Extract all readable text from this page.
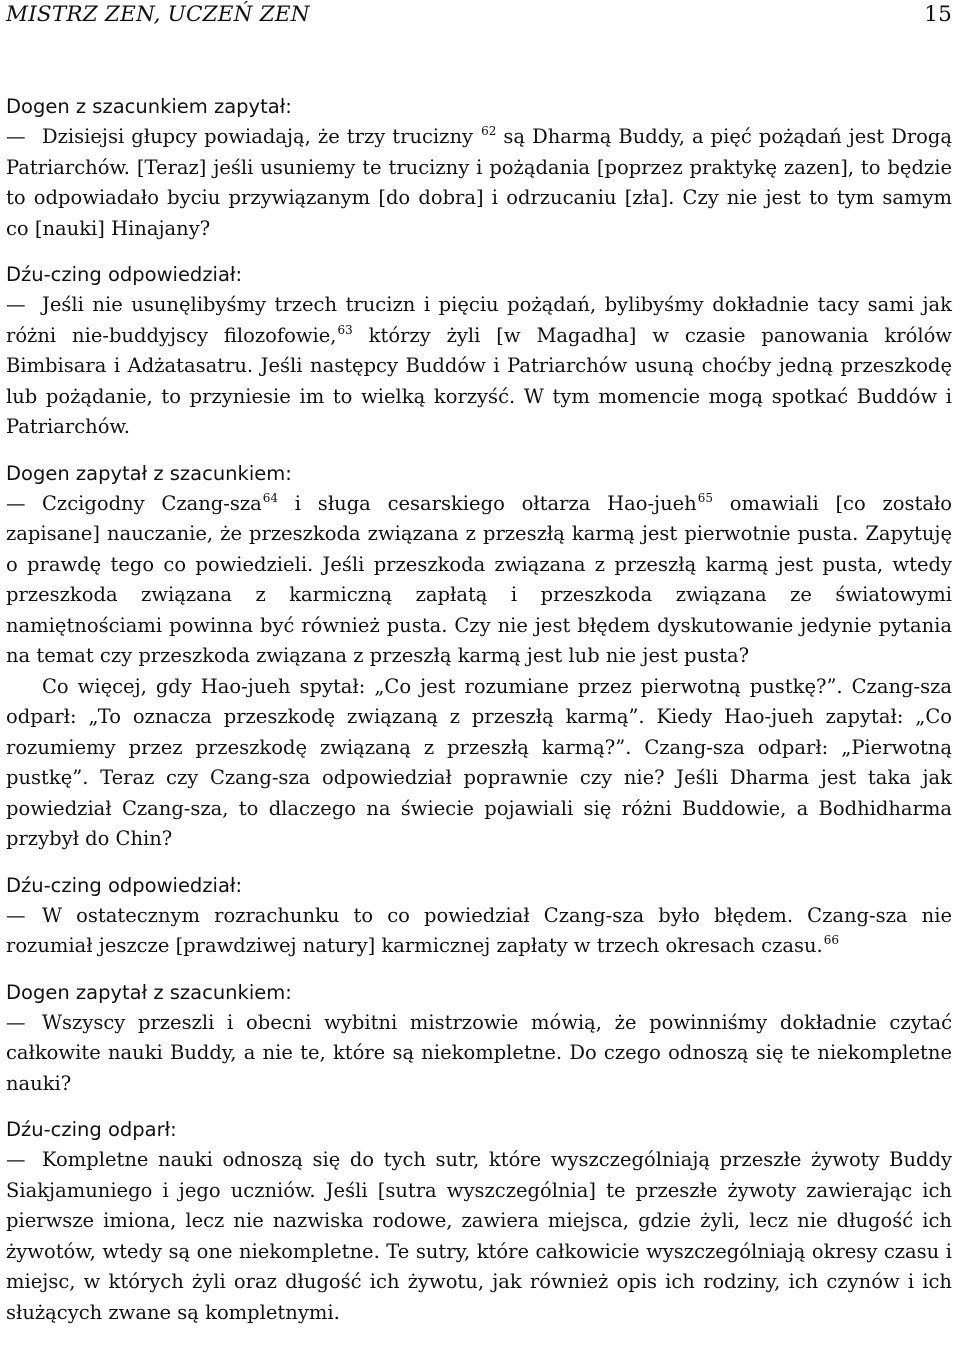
MISTRZ ZEN, UCZEŃ ZEN	15

Dogen z szacunkiem zapytał:

—Dzisiejsi głupcy powiadają, że trzy trucizny $^{62}$ są Dharmą Buddy, a pięć pożądań jest Drogą Patriarchów. [Teraz] jeśli usuniemy te trucizny i pożądania [poprzez praktykę zazen], to będzie to odpowiadało byciu przywiązanym [do dobra] i odrzucaniu [zła]. Czy nie jest to tym samym co [nauki] Hinajany?

Dźu-czing odpowiedział:

—Jeśli nie usunęlibyśmy trzech trucizn i pięciu pożądań, bylibyśmy dokładnie tacy sami jak różni nie-buddyjscy filozofowie,$^{63}$ którzy żyli [w Magadha] w czasie panowania królów Bimbisara i Adżatasatru. Jeśli następcy Buddów i Patriarchów usuną choćby jedną przeszkodę lub pożądanie, to przyniesie im to wielką korzyść. W tym momencie mogą spotkać Buddów i Patriarchów.

Dogen zapytał z szacunkiem:

—Czcigodny Czang-sza$^{64}$ i sługa cesarskiego ołtarza Hao-jueh$^{65}$ omawiali [co zostało zapisane] nauczanie, że przeszkoda związana z przeszłą karmą jest pierwotnie pusta. Zapytuję o prawdę tego co powiedzieli. Jeśli przeszkoda związana z przeszłą karmą jest pusta, wtedy przeszkoda związana z karmiczną zapłatą i przeszkoda związana ze światowymi namiętnościami powinna być również pusta. Czy nie jest błędem dyskutowanie jedynie pytania na temat czy przeszkoda związana z przeszłą karmą jest lub nie jest pusta?

Co więcej, gdy Hao-jueh spytał: „Co jest rozumiane przez pierwotną pustkę?”. Czang-sza odparł: „To oznacza przeszkodę związaną z przeszłą karmą”. Kiedy Hao-jueh zapytał: „Co rozumiemy przez przeszkodę związaną z przeszłą karmą?”. Czang-sza odparł: „Pierwotną pustkę”. Teraz czy Czang-sza odpowiedział poprawnie czy nie? Jeśli Dharma jest taka jak powiedział Czang-sza, to dlaczego na świecie pojawiali się różni Buddowie, a Bodhidharma przybył do Chin?

Dźu-czing odpowiedział:

—W ostatecznym rozrachunku to co powiedział Czang-sza było błędem. Czang-sza nie rozumiał jeszcze [prawdziwej natury] karmicznej zapłaty w trzech okresach czasu.$^{66}$

Dogen zapytał z szacunkiem:

—Wszyscy przeszli i obecni wybitni mistrzowie mówią, że powinniśmy dokładnie czytać całkowite nauki Buddy, a nie te, które są niekompletne. Do czego odnoszą się te niekompletne nauki?

Dźu-czing odparł:

—Kompletne nauki odnoszą się do tych sutr, które wyszczególniają przeszłe żywoty Buddy Siakjamuniego i jego uczniów. Jeśli [sutra wyszczególnia] te przeszłe żywoty zawierając ich pierwsze imiona, lecz nie nazwiska rodowe, zawiera miejsca, gdzie żyli, lecz nie długość ich żywotów, wtedy są one niekompletne. Te sutry, które całkowicie wyszczególniają okresy czasu i miejsc, w których żyli oraz długość ich żywotu, jak również opis ich rodziny, ich czynów i ich służących zwane są kompletnymi.
